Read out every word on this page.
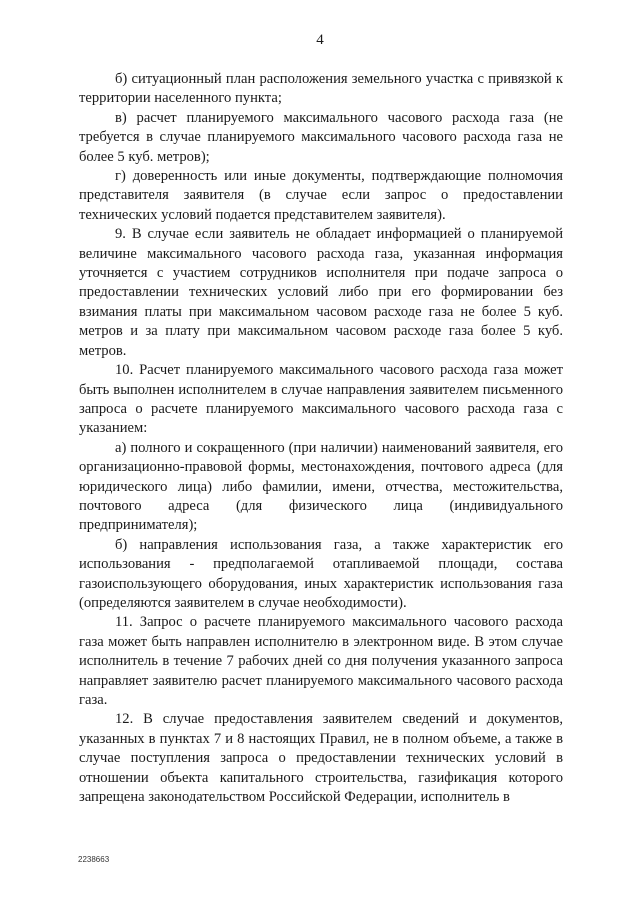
4

б) ситуационный план расположения земельного участка с привязкой к территории населенного пункта;

в) расчет планируемого максимального часового расхода газа (не требуется в случае планируемого максимального часового расхода газа не более 5 куб. метров);

г) доверенность или иные документы, подтверждающие полномочия представителя заявителя (в случае если запрос о предоставлении технических условий подается представителем заявителя).

9. В случае если заявитель не обладает информацией о планируемой величине максимального часового расхода газа, указанная информация уточняется с участием сотрудников исполнителя при подаче запроса о предоставлении технических условий либо при его формировании без взимания платы при максимальном часовом расходе газа не более 5 куб. метров и за плату при максимальном часовом расходе газа более 5 куб. метров.

10. Расчет планируемого максимального часового расхода газа может быть выполнен исполнителем в случае направления заявителем письменного запроса о расчете планируемого максимального часового расхода газа с указанием:

а) полного и сокращенного (при наличии) наименований заявителя, его организационно-правовой формы, местонахождения, почтового адреса (для юридического лица) либо фамилии, имени, отчества, местожительства, почтового адреса (для физического лица (индивидуального предпринимателя);

б) направления использования газа, а также характеристик его использования - предполагаемой отапливаемой площади, состава газоиспользующего оборудования, иных характеристик использования газа (определяются заявителем в случае необходимости).

11. Запрос о расчете планируемого максимального часового расхода газа может быть направлен исполнителю в электронном виде. В этом случае исполнитель в течение 7 рабочих дней со дня получения указанного запроса направляет заявителю расчет планируемого максимального часового расхода газа.

12. В случае предоставления заявителем сведений и документов, указанных в пунктах 7 и 8 настоящих Правил, не в полном объеме, а также в случае поступления запроса о предоставлении технических условий в отношении объекта капитального строительства, газификация которого запрещена законодательством Российской Федерации, исполнитель в

2238663
